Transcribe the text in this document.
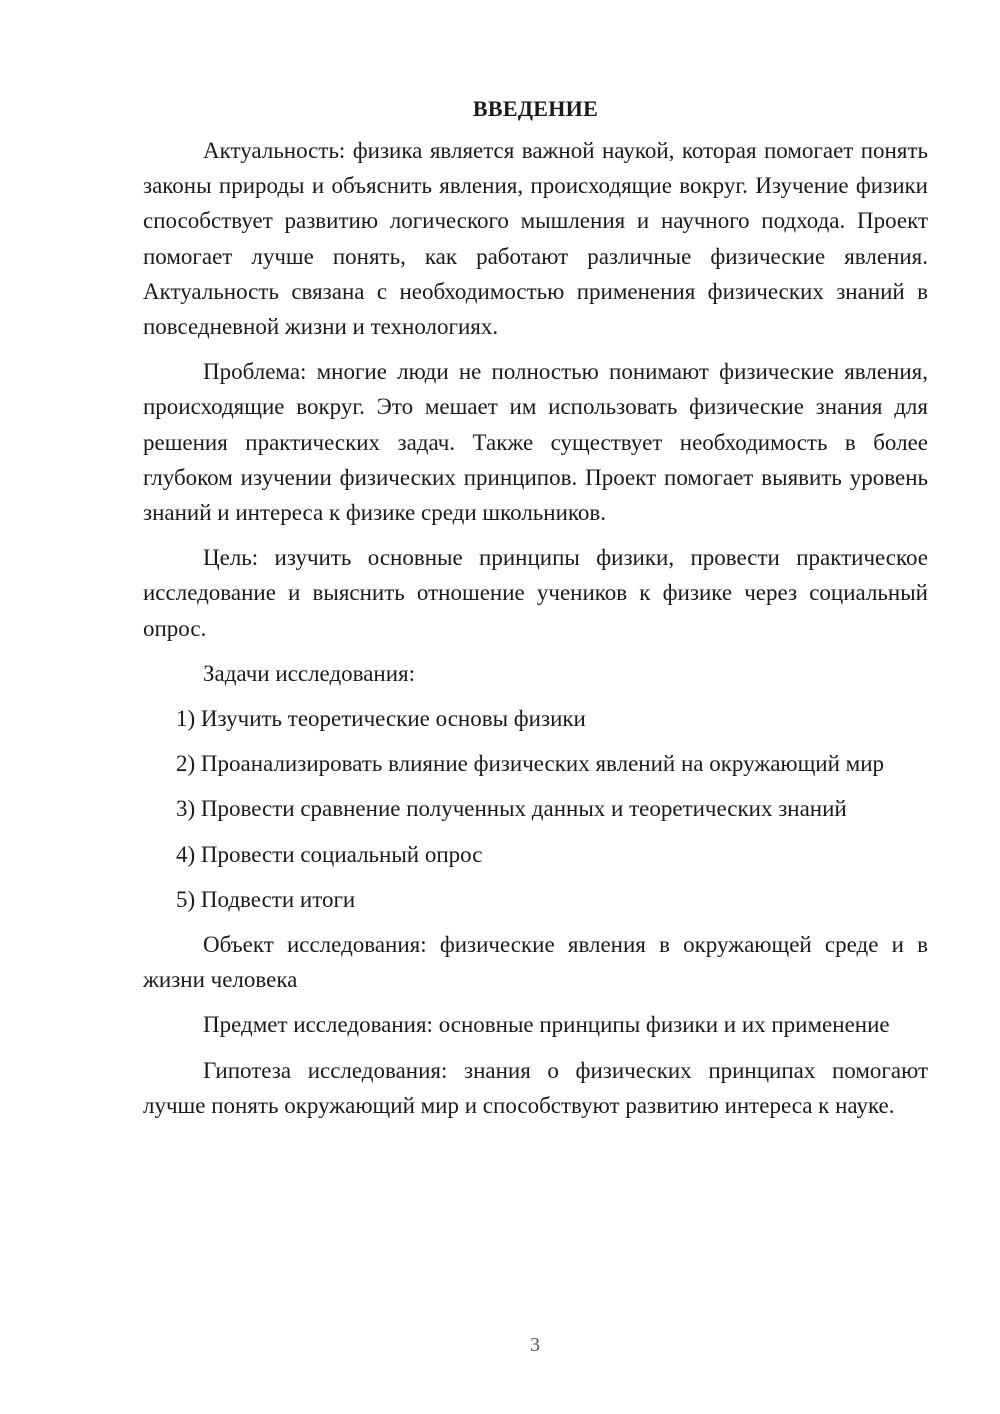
ВВЕДЕНИЕ

Актуальность: физика является важной наукой, которая помогает понять законы природы и объяснить явления, происходящие вокруг. Изучение физики способствует развитию логического мышления и научного подхода. Проект помогает лучше понять, как работают различные физические явления. Актуальность связана с необходимостью применения физических знаний в повседневной жизни и технологиях.

Проблема: многие люди не полностью понимают физические явления, происходящие вокруг. Это мешает им использовать физические знания для решения практических задач. Также существует необходимость в более глубоком изучении физических принципов. Проект помогает выявить уровень знаний и интереса к физике среди школьников.

Цель: изучить основные принципы физики, провести практическое исследование и выяснить отношение учеников к физике через социальный опрос.

Задачи исследования:

1) Изучить теоретические основы физики

2) Проанализировать влияние физических явлений на окружающий мир

3) Провести сравнение полученных данных и теоретических знаний

4) Провести социальный опрос

5) Подвести итоги

Объект исследования: физические явления в окружающей среде и в жизни человека

Предмет исследования: основные принципы физики и их применение

Гипотеза исследования: знания о физических принципах помогают лучше понять окружающий мир и способствуют развитию интереса к науке.

3
